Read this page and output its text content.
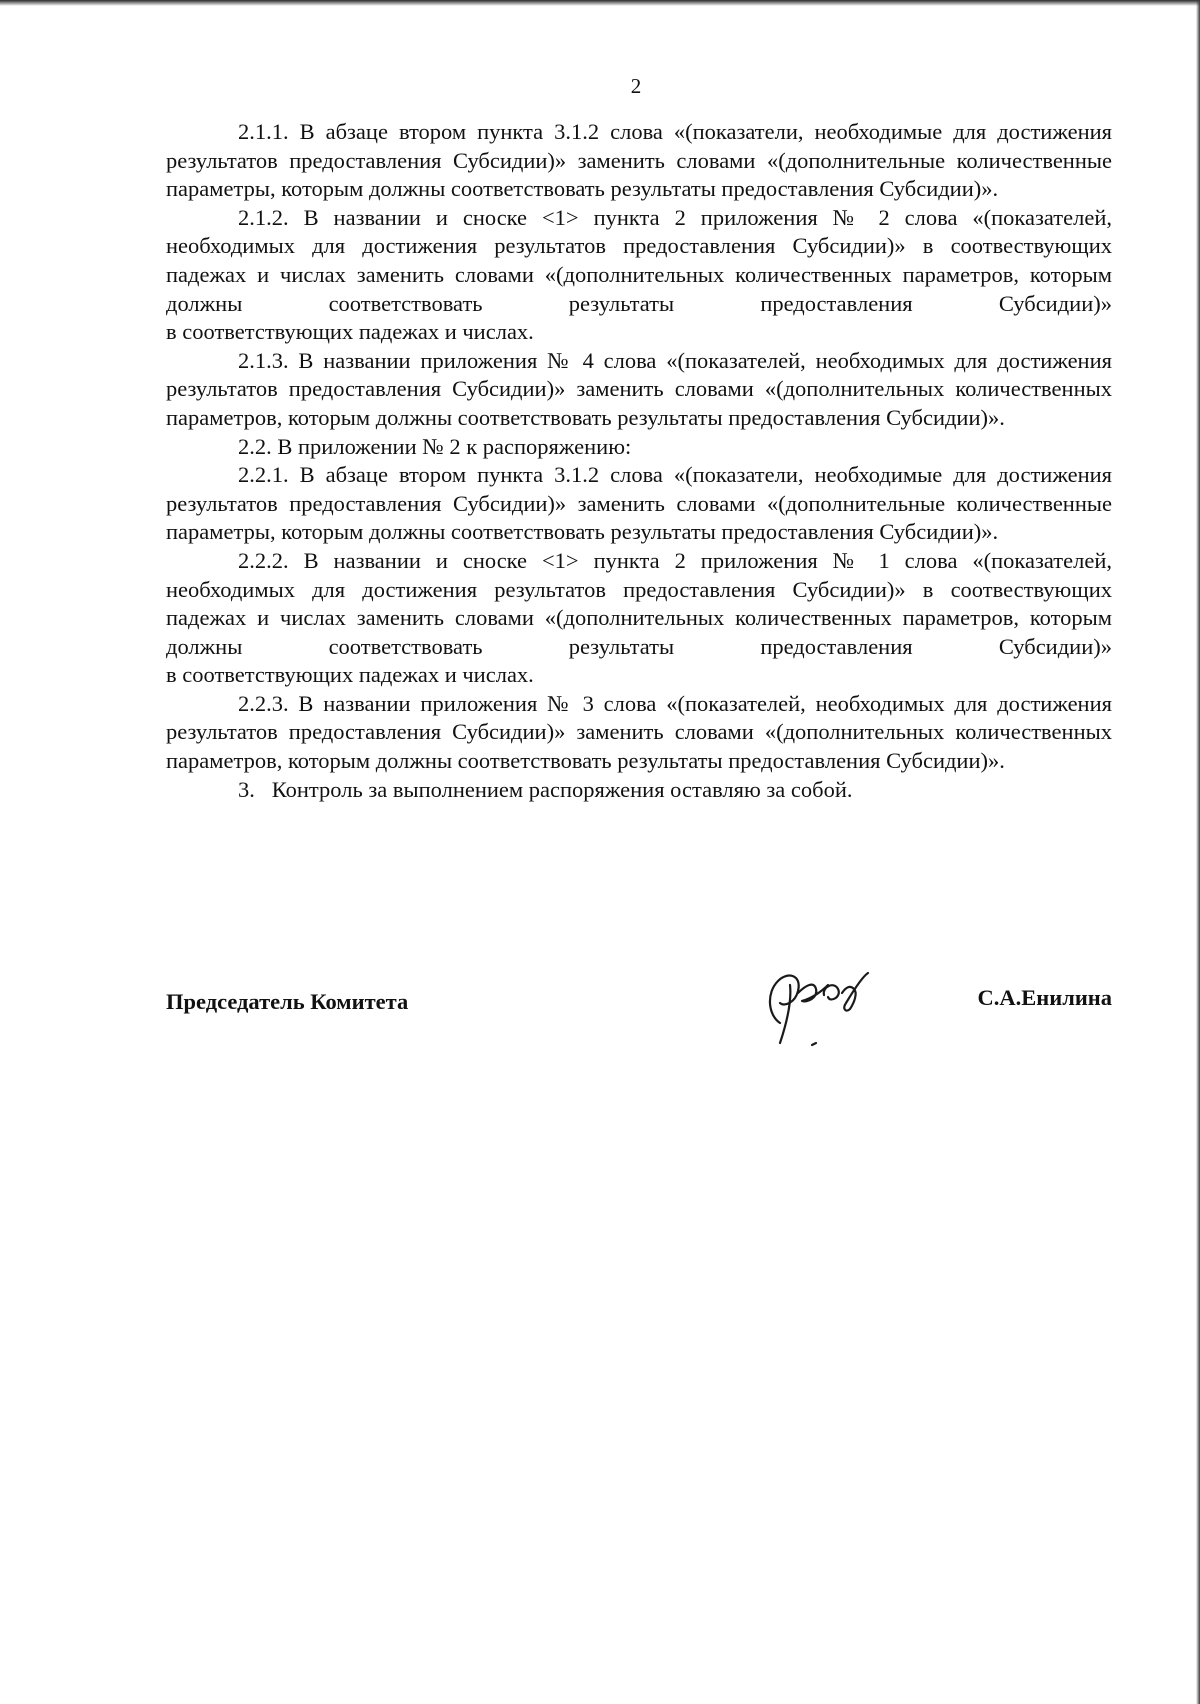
2

2.1.1. В абзаце втором пункта 3.1.2 слова «(показатели, необходимые для достижения результатов предоставления Субсидии)» заменить словами «(дополнительные количественные параметры, которым должны соответствовать результаты предоставления Субсидии)».

2.1.2. В названии и сноске <1> пункта 2 приложения № 2 слова «(показателей, необходимых для достижения результатов предоставления Субсидии)» в соотвествующих падежах и числах заменить словами «(дополнительных количественных параметров, которым должны соответствовать результаты предоставления Субсидии)»

в соответствующих падежах и числах.

2.1.3. В названии приложения № 4 слова «(показателей, необходимых для достижения результатов предоставления Субсидии)» заменить словами «(дополнительных количественных параметров, которым должны соответствовать результаты предоставления Субсидии)».

2.2. В приложении № 2 к распоряжению:

2.2.1. В абзаце втором пункта 3.1.2 слова «(показатели, необходимые для достижения результатов предоставления Субсидии)» заменить словами «(дополнительные количественные параметры, которым должны соответствовать результаты предоставления Субсидии)».

2.2.2. В названии и сноске <1> пункта 2 приложения № 1 слова «(показателей, необходимых для достижения результатов предоставления Субсидии)» в соотвествующих падежах и числах заменить словами «(дополнительных количественных параметров, которым должны соответствовать результаты предоставления Субсидии)»

в соответствующих падежах и числах.

2.2.3. В названии приложения № 3 слова «(показателей, необходимых для достижения результатов предоставления Субсидии)» заменить словами «(дополнительных количественных параметров, которым должны соответствовать результаты предоставления Субсидии)».

3.   Контроль за выполнением распоряжения оставляю за собой.

Председатель Комитета	С.А.Енилина
